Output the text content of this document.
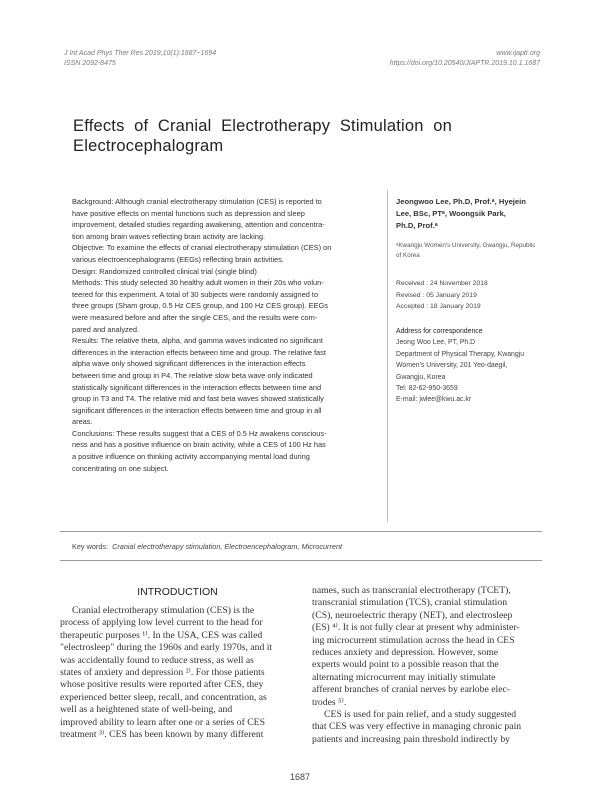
J Int Acad Phys Ther Res 2019;10(1):1687~1694
ISSN 2092-8475
www.ijaptr.org
https://doi.org/10.20540/JIAPTR.2019.10.1.1687
Effects  of  Cranial  Electrotherapy  Stimulation  on
Electrocephalogram

Background: Although cranial electrotherapy stimulation (CES) is reported to

have positive effects on mental functions such as depression and sleep

improvement, detailed studies regarding awakening, attention and concentra-

tion among brain waves reflecting brain activity are lacking.

Objective: To examine the effects of cranial electrotherapy stimulation (CES) on

various electroencephalograms (EEGs) reflecting brain activities.

Design: Randomized controlled clinical trial (single blind)

Methods: This study selected 30 healthy adult women in their 20s who volun-

teered for this experiment. A total of 30 subjects were randomly assigned to

three groups (Sham group, 0.5 Hz CES group, and 100 Hz CES group). EEGs

were measured before and after the single CES, and the results were com-

pared and analyzed.

Results: The relative theta, alpha, and gamma waves indicated no significant

differences in the interaction effects between time and group. The relative fast

alpha wave only showed significant differences in the interaction effects

between time and group in P4. The relative slow beta wave only indicated

statistically significant differences in the interaction effects between time and

group in T3 and T4. The relative mid and fast beta waves showed statistically

significant differences in the interaction effects between time and group in all

areas.

Conclusions: These results suggest that a CES of 0.5 Hz awakens conscious-

ness and has a positive influence on brain activity, while a CES of 100 Hz has

a positive influence on thinking activity accompanying mental load during

concentrating on one subject.

Jeongwoo Lee, Ph.D, Prof.ᵃ, Hyejein
Lee, BSc, PTᵃ, Woongsik Park,
Ph.D, Prof.ᵃ
ᵃKwangju Women's University, Gwangju, Republic
of Korea
Received : 24 November 2018
Revised : 05 January 2019
Accepted : 18 January 2019
Address for correspondence
Jeong Woo Lee, PT, Ph.D
Department of Physical Therapy, Kwangju
Women's University, 201 Yeo-daegil,
Gwangju, Korea
Tel: 82-62-950-3659
E-mail: jwlee@kwu.ac.kr
Key words: Cranial electrotherapy stimulation, Electroencephalogram, Microcurrent
INTRODUCTION

Cranial electrotherapy stimulation (CES) is the

process of applying low level current to the head for

therapeutic purposes ¹⁾. In the USA, CES was called

"electrosleep" during the 1960s and early 1970s, and it

was accidentally found to reduce stress, as well as

states of anxiety and depression ²⁾. For those patients

whose positive results were reported after CES, they

experienced better sleep, recall, and concentration, as

well as a heightened state of well-being, and

improved ability to learn after one or a series of CES

treatment ³⁾. CES has been known by many different

names, such as transcranial electrotherapy (TCET),

transcranial stimulation (TCS), cranial stimulation

(CS), neuroelectric therapy (NET), and electrosleep

(ES) ⁴⁾. It is not fully clear at present why administer-

ing microcurrent stimulation across the head in CES

reduces anxiety and depression. However, some

experts would point to a possible reason that the

alternating microcurrent may initially stimulate

afferent branches of cranial nerves by earlobe elec-

trodes ⁵⁾.

CES is used for pain relief, and a study suggested

that CES was very effective in managing chronic pain

patients and increasing pain threshold indirectly by

1687
